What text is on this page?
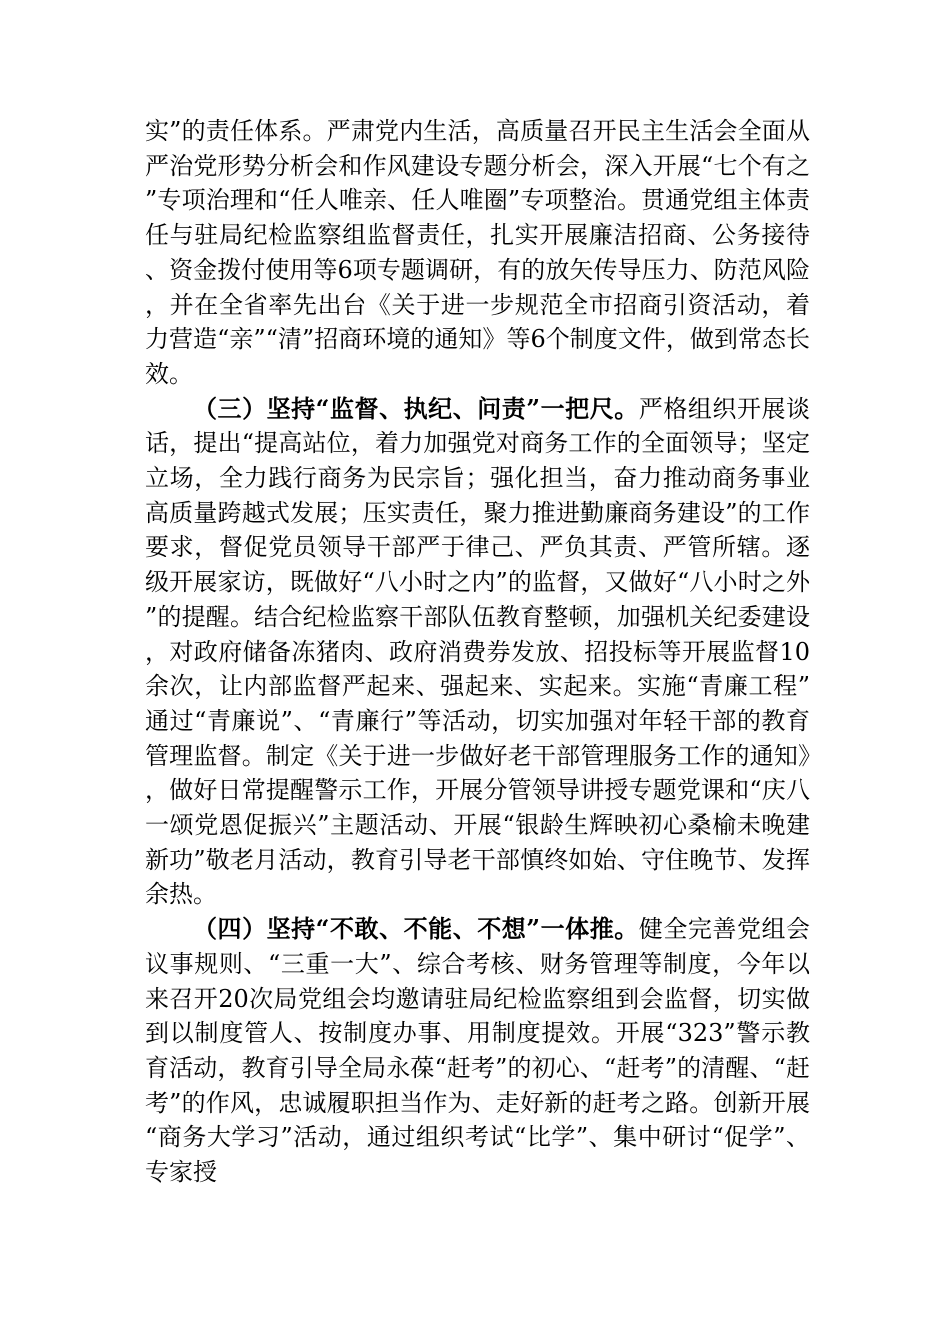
实”的责任体系。严肃党内生活，高质量召开民主生活会全面从严治党形势分析会和作风建设专题分析会，深入开展“七个有之”专项治理和“任人唯亲、任人唯圈”专项整治。贯通党组主体责任与驻局纪检监察组监督责任，扎实开展廉洁招商、公务接待、资金拨付使用等6项专题调研，有的放矢传导压力、防范风险，并在全省率先出台《关于进一步规范全市招商引资活动，着力营造“亲”“清”招商环境的通知》等6个制度文件，做到常态长效。

（三）坚持“监督、执纪、问责”一把尺。严格组织开展谈话，提出“提高站位，着力加强党对商务工作的全面领导；坚定立场，全力践行商务为民宗旨；强化担当，奋力推动商务事业高质量跨越式发展；压实责任，聚力推进勤廉商务建设”的工作要求，督促党员领导干部严于律己、严负其责、严管所辖。逐级开展家访，既做好“八小时之内”的监督，又做好“八小时之外”的提醒。结合纪检监察干部队伍教育整顿，加强机关纪委建设，对政府储备冻猪肉、政府消费券发放、招投标等开展监督10余次，让内部监督严起来、强起来、实起来。实施“青廉工程”通过“青廉说”、“青廉行”等活动，切实加强对年轻干部的教育管理监督。制定《关于进一步做好老干部管理服务工作的通知》，做好日常提醒警示工作，开展分管领导讲授专题党课和“庆八一颂党恩促振兴”主题活动、开展“银龄生辉映初心桑榆未晚建新功”敬老月活动，教育引导老干部慎终如始、守住晚节、发挥余热。

（四）坚持“不敢、不能、不想”一体推。健全完善党组会议事规则、“三重一大”、综合考核、财务管理等制度，今年以来召开20次局党组会均邀请驻局纪检监察组到会监督，切实做到以制度管人、按制度办事、用制度提效。开展“323”警示教育活动，教育引导全局永葆“赶考”的初心、“赶考”的清醒、“赶考”的作风，忠诚履职担当作为、走好新的赶考之路。创新开展“商务大学习”活动，通过组织考试“比学”、集中研讨“促学”、专家授
